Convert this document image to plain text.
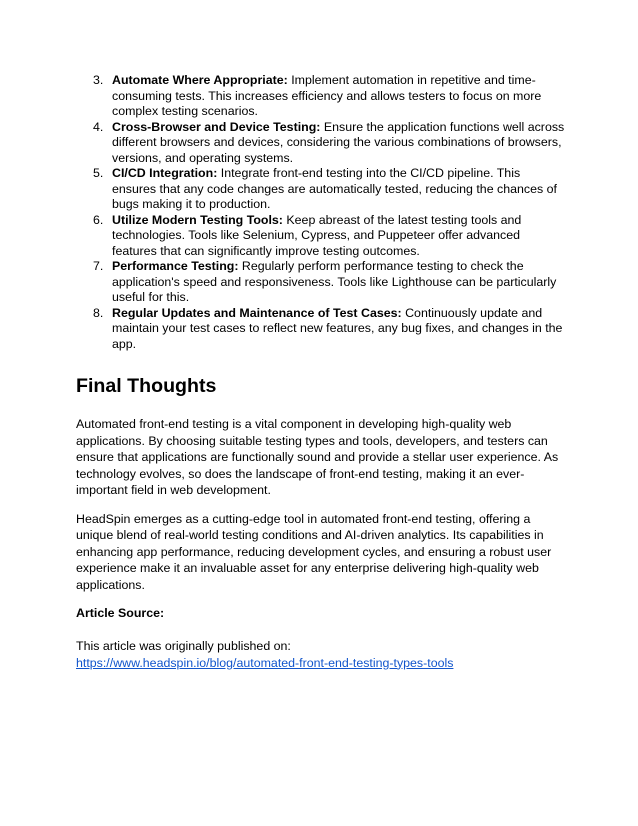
3. Automate Where Appropriate: Implement automation in repetitive and time-consuming tests. This increases efficiency and allows testers to focus on more complex testing scenarios.
4. Cross-Browser and Device Testing: Ensure the application functions well across different browsers and devices, considering the various combinations of browsers, versions, and operating systems.
5. CI/CD Integration: Integrate front-end testing into the CI/CD pipeline. This ensures that any code changes are automatically tested, reducing the chances of bugs making it to production.
6. Utilize Modern Testing Tools: Keep abreast of the latest testing tools and technologies. Tools like Selenium, Cypress, and Puppeteer offer advanced features that can significantly improve testing outcomes.
7. Performance Testing: Regularly perform performance testing to check the application's speed and responsiveness. Tools like Lighthouse can be particularly useful for this.
8. Regular Updates and Maintenance of Test Cases: Continuously update and maintain your test cases to reflect new features, any bug fixes, and changes in the app.
Final Thoughts

Automated front-end testing is a vital component in developing high-quality web applications. By choosing suitable testing types and tools, developers, and testers can ensure that applications are functionally sound and provide a stellar user experience. As technology evolves, so does the landscape of front-end testing, making it an ever-important field in web development.

HeadSpin emerges as a cutting-edge tool in automated front-end testing, offering a unique blend of real-world testing conditions and AI-driven analytics. Its capabilities in enhancing app performance, reducing development cycles, and ensuring a robust user experience make it an invaluable asset for any enterprise delivering high-quality web applications.

Article Source:

This article was originally published on:
https://www.headspin.io/blog/automated-front-end-testing-types-tools
